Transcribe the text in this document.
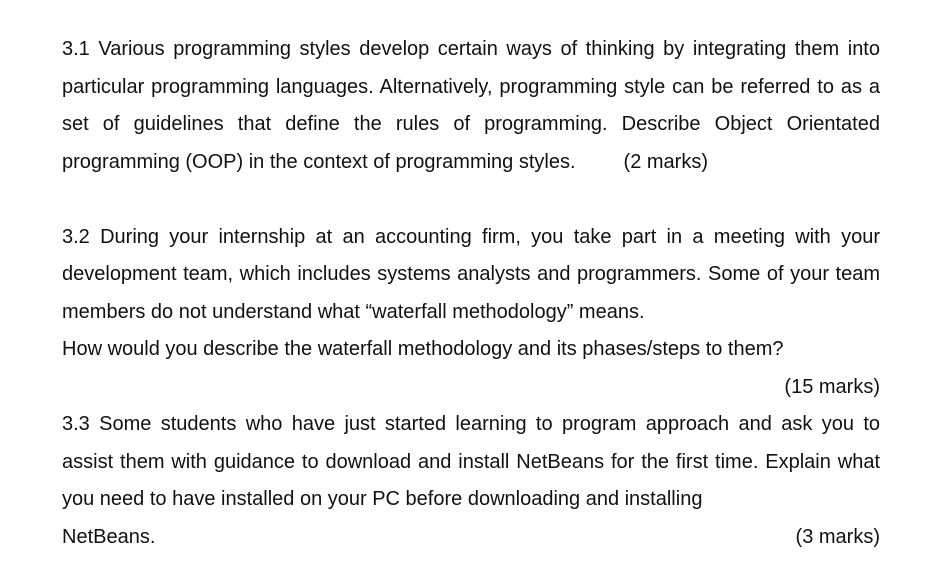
3.1 Various programming styles develop certain ways of thinking by integrating them into particular programming languages. Alternatively, programming style can be referred to as a set of guidelines that define the rules of programming. Describe Object Orientated programming (OOP) in the context of programming styles. (2 marks)

3.2 During your internship at an accounting firm, you take part in a meeting with your development team, which includes systems analysts and programmers. Some of your team members do not understand what “waterfall methodology” means.

How would you describe the waterfall methodology and its phases/steps to them?

(15 marks)

3.3 Some students who have just started learning to program approach and ask you to assist them with guidance to download and install NetBeans for the first time. Explain what you need to have installed on your PC before downloading and installing

NetBeans.	(3 marks)
